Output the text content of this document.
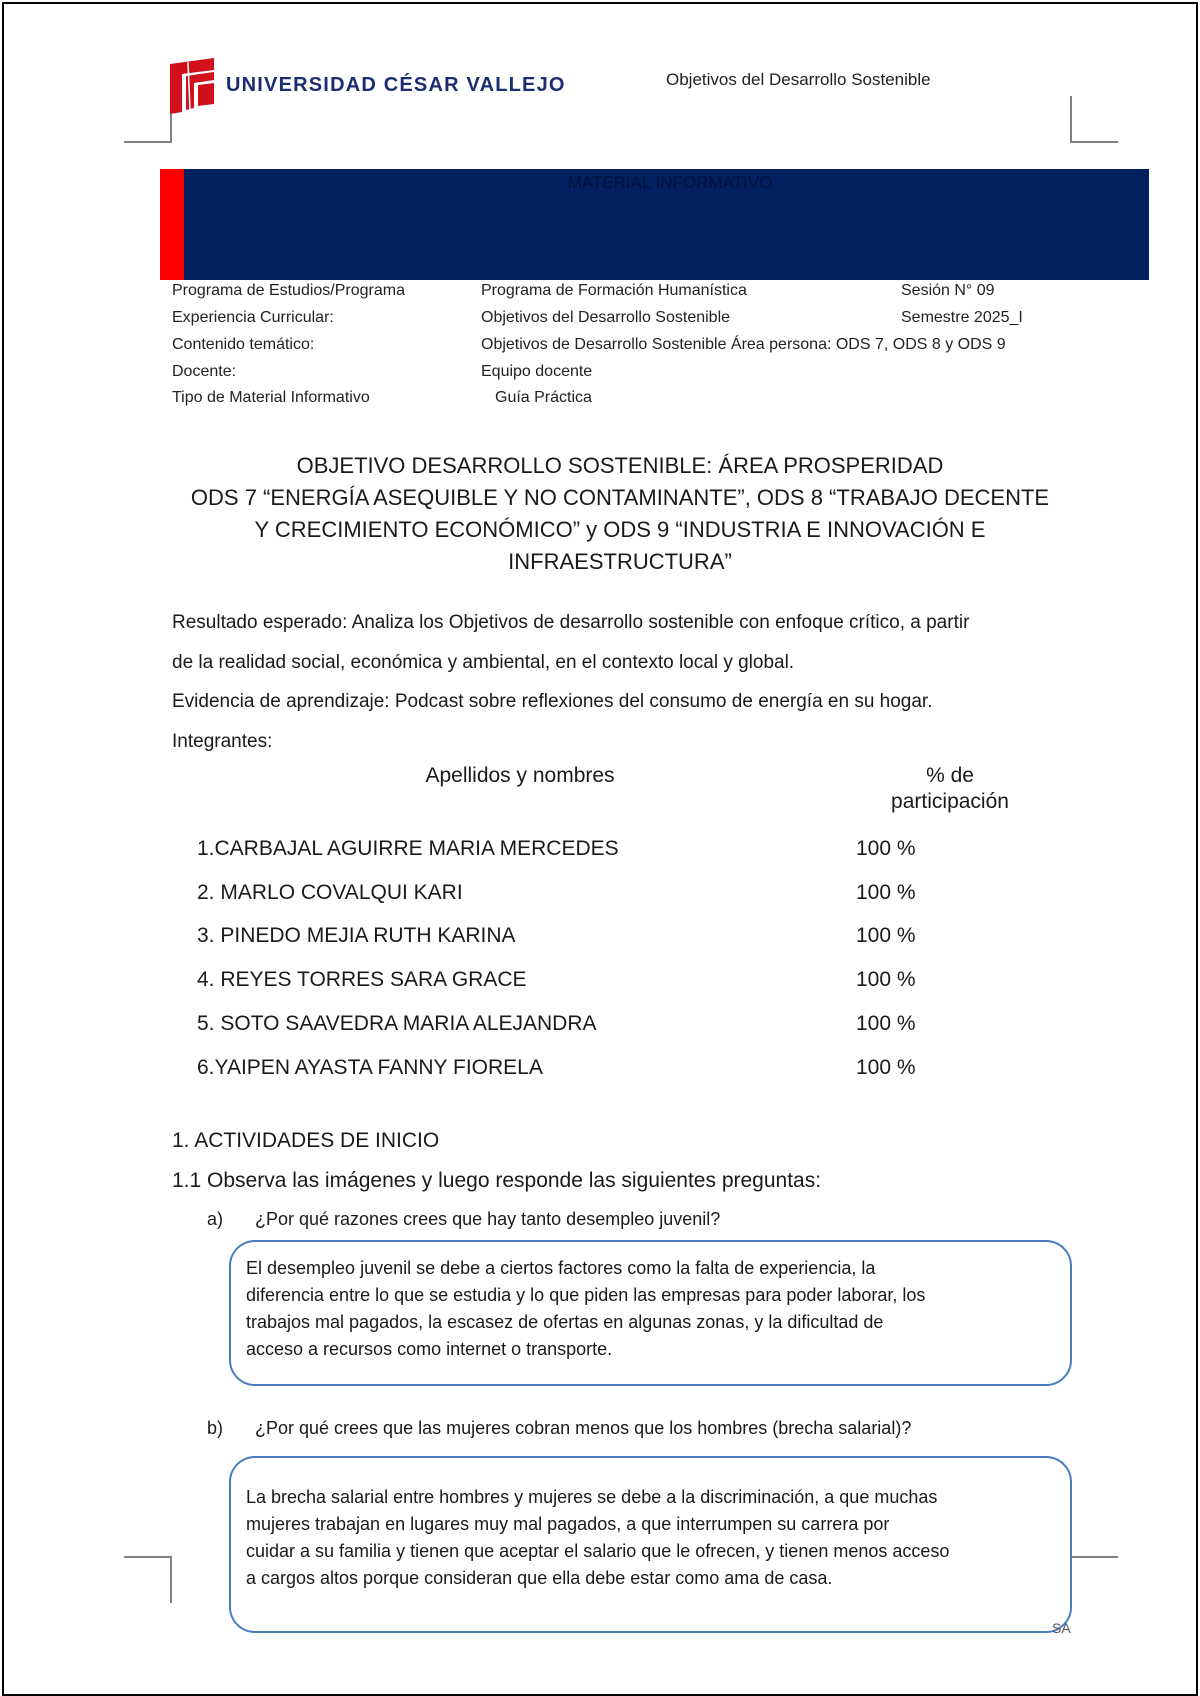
UNIVERSIDAD CÉSAR VALLEJO	Objetivos del Desarrollo Sostenible
MATERIAL INFORMATIVO
Programa de Estudios/Programa	Programa de Formación Humanística	Sesión N° 09
Experiencia Curricular:	Objetivos del Desarrollo Sostenible	Semestre 2025_I
Contenido temático:	Objetivos de Desarrollo Sostenible Área persona: ODS 7, ODS 8 y ODS 9
Docente:	Equipo docente
Tipo de Material Informativo	Guía Práctica
OBJETIVO DESARROLLO SOSTENIBLE: ÁREA PROSPERIDAD
ODS 7 “ENERGÍA ASEQUIBLE Y NO CONTAMINANTE”, ODS 8 “TRABAJO DECENTE
Y CRECIMIENTO ECONÓMICO” y ODS 9 “INDUSTRIA E INNOVACIÓN E
INFRAESTRUCTURA”
Resultado esperado: Analiza los Objetivos de desarrollo sostenible con enfoque crítico, a partir
de la realidad social, económica y ambiental, en el contexto local y global.
Evidencia de aprendizaje: Podcast sobre reflexiones del consumo de energía en su hogar.
Integrantes:
Apellidos y nombres	% de
participación
1.CARBAJAL AGUIRRE MARIA MERCEDES	100 %
2. MARLO COVALQUI KARI	100 %
3. PINEDO MEJIA RUTH KARINA	100 %
4. REYES TORRES SARA GRACE	100 %
5. SOTO SAAVEDRA MARIA ALEJANDRA	100 %
6.YAIPEN AYASTA FANNY FIORELA	100 %
1. ACTIVIDADES DE INICIO
1.1 Observa las imágenes y luego responde las siguientes preguntas:
a) ¿Por qué razones crees que hay tanto desempleo juvenil?
El desempleo juvenil se debe a ciertos factores como la falta de experiencia, la
diferencia entre lo que se estudia y lo que piden las empresas para poder laborar, los
trabajos mal pagados, la escasez de ofertas en algunas zonas, y la dificultad de
acceso a recursos como internet o transporte.
b) ¿Por qué crees que las mujeres cobran menos que los hombres (brecha salarial)?
La brecha salarial entre hombres y mujeres se debe a la discriminación, a que muchas
mujeres trabajan en lugares muy mal pagados, a que interrumpen su carrera por
cuidar a su familia y tienen que aceptar el salario que le ofrecen, y tienen menos acceso
a cargos altos porque consideran que ella debe estar como ama de casa.
SA
